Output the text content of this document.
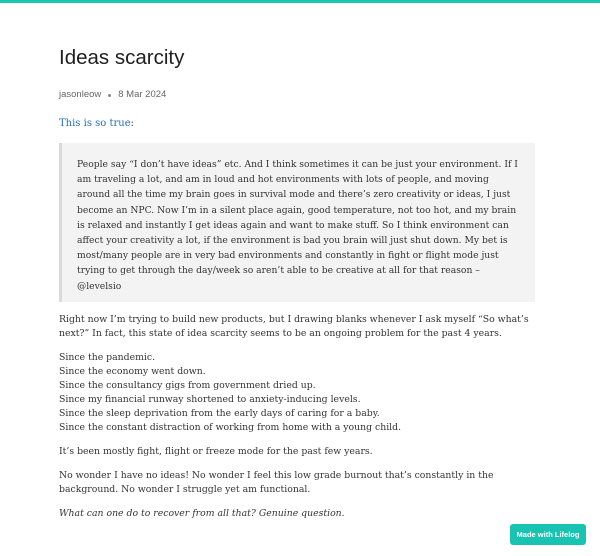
Ideas scarcity
jasonleow 8 Mar 2024

This is so true:

People say “I don’t have ideas” etc. And I think sometimes it can be just your environment. If I am traveling a lot, and am in loud and hot environments with lots of people, and moving around all the time my brain goes in survival mode and there’s zero creativity or ideas, I just become an NPC. Now I’m in a silent place again, good temperature, not too hot, and my brain is relaxed and instantly I get ideas again and want to make stuff. So I think environment can affect your creativity a lot, if the environment is bad you brain will just shut down. My bet is most/many people are in very bad environments and constantly in fight or flight mode just trying to get through the day/week so aren’t able to be creative at all for that reason – @levelsio

Right now I’m trying to build new products, but I drawing blanks whenever I ask myself “So what’s next?” In fact, this state of idea scarcity seems to be an ongoing problem for the past 4 years.

Since the pandemic.
Since the economy went down.
Since the consultancy gigs from government dried up.
Since my financial runway shortened to anxiety-inducing levels.
Since the sleep deprivation from the early days of caring for a baby.
Since the constant distraction of working from home with a young child.

It’s been mostly fight, flight or freeze mode for the past few years.

No wonder I have no ideas! No wonder I feel this low grade burnout that’s constantly in the background. No wonder I struggle yet am functional.

What can one do to recover from all that? Genuine question.

Made with Lifelog
